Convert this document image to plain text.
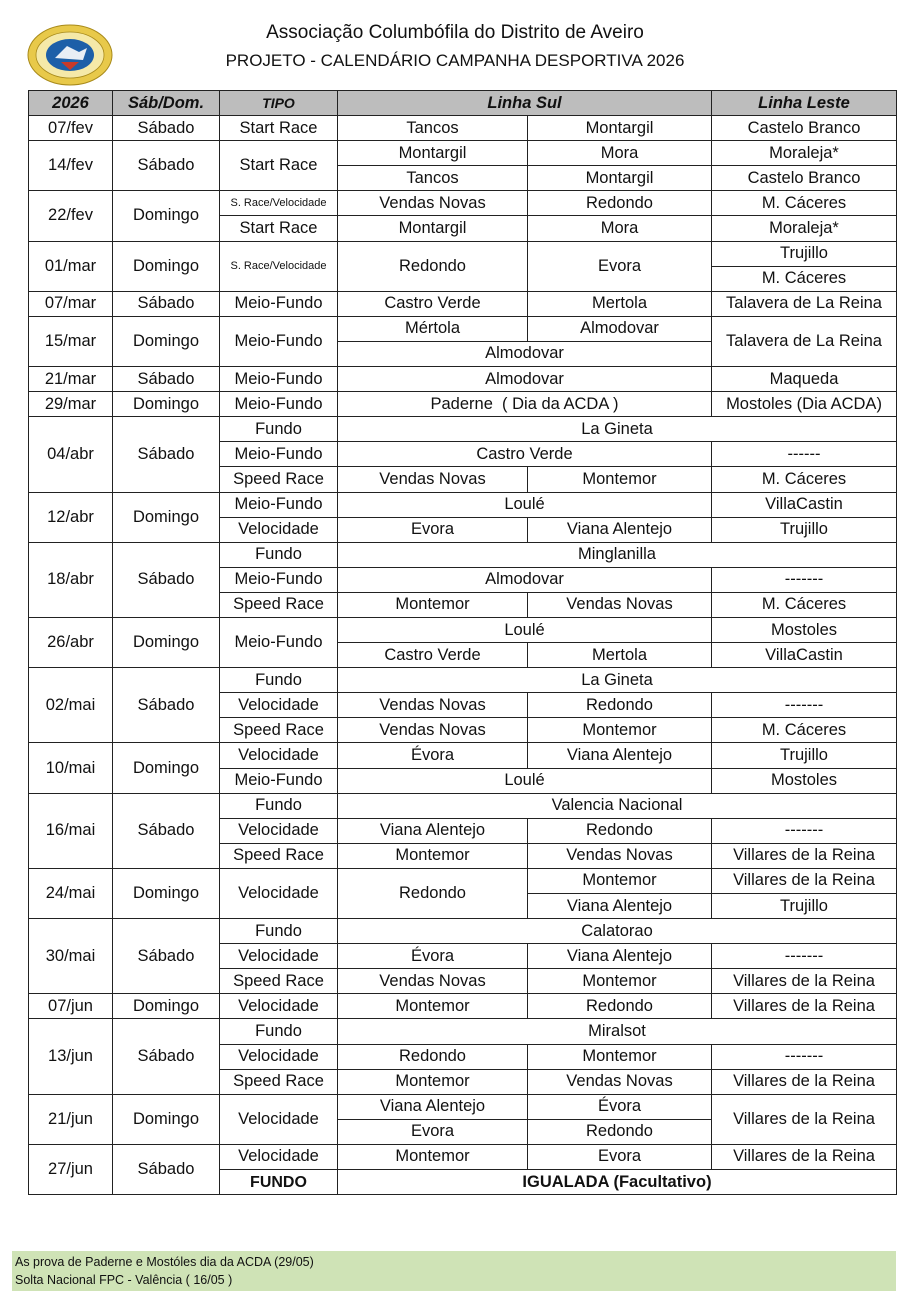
Associação Columbófila do Distrito de Aveiro
PROJETO - CALENDÁRIO CAMPANHA DESPORTIVA 2026
2026	Sáb/Dom.	TIPO	Linha Sul		Linha Leste
07/fev	Sábado	Start Race	Tancos	Montargil	Castelo Branco
14/fev	Sábado	Start Race	Montargil	Mora	Moraleja*
			Tancos	Montargil	Castelo Branco
22/fev	Domingo	S. Race/Velocidade	Vendas Novas	Redondo	M. Cáceres
		Start Race	Montargil	Mora	Moraleja*
01/mar	Domingo	S. Race/Velocidade	Redondo	Evora	Trujillo
					M. Cáceres
07/mar	Sábado	Meio-Fundo	Castro Verde	Mertola	Talavera de La Reina
15/mar	Domingo	Meio-Fundo	Mértola	Almodovar	Talavera de La Reina
			Almodovar		
21/mar	Sábado	Meio-Fundo	Almodovar		Maqueda
29/mar	Domingo	Meio-Fundo	Paderne  ( Dia da ACDA )		Mostoles (Dia ACDA)
04/abr	Sábado	Fundo	La Gineta		
		Meio-Fundo	Castro Verde		------
		Speed Race	Vendas Novas	Montemor	M. Cáceres
12/abr	Domingo	Meio-Fundo	Loulé		VillaCastin
		Velocidade	Evora	Viana Alentejo	Trujillo
18/abr	Sábado	Fundo	Minglanilla		
		Meio-Fundo	Almodovar		-------
		Speed Race	Montemor	Vendas Novas	M. Cáceres
26/abr	Domingo	Meio-Fundo	Loulé		Mostoles
			Castro Verde	Mertola	VillaCastin
02/mai	Sábado	Fundo	La Gineta		
		Velocidade	Vendas Novas	Redondo	-------
		Speed Race	Vendas Novas	Montemor	M. Cáceres
10/mai	Domingo	Velocidade	Évora	Viana Alentejo	Trujillo
		Meio-Fundo	Loulé		Mostoles
16/mai	Sábado	Fundo	Valencia Nacional		
		Velocidade	Viana Alentejo	Redondo	-------
		Speed Race	Montemor	Vendas Novas	Villares de la Reina
24/mai	Domingo	Velocidade	Redondo	Montemor	Villares de la Reina
				Viana Alentejo	Trujillo
30/mai	Sábado	Fundo	Calatorao		
		Velocidade	Évora	Viana Alentejo	-------
		Speed Race	Vendas Novas	Montemor	Villares de la Reina
07/jun	Domingo	Velocidade	Montemor	Redondo	Villares de la Reina
13/jun	Sábado	Fundo	Miralsot		
		Velocidade	Redondo	Montemor	-------
		Speed Race	Montemor	Vendas Novas	Villares de la Reina
21/jun	Domingo	Velocidade	Viana Alentejo	Évora	Villares de la Reina
			Evora	Redondo	
27/jun	Sábado	Velocidade	Montemor	Evora	Villares de la Reina
		FUNDO	IGUALADA (Facultativo)		
As prova de Paderne e Mostóles dia da ACDA (29/05)
Solta Nacional FPC - Valência ( 16/05 )
